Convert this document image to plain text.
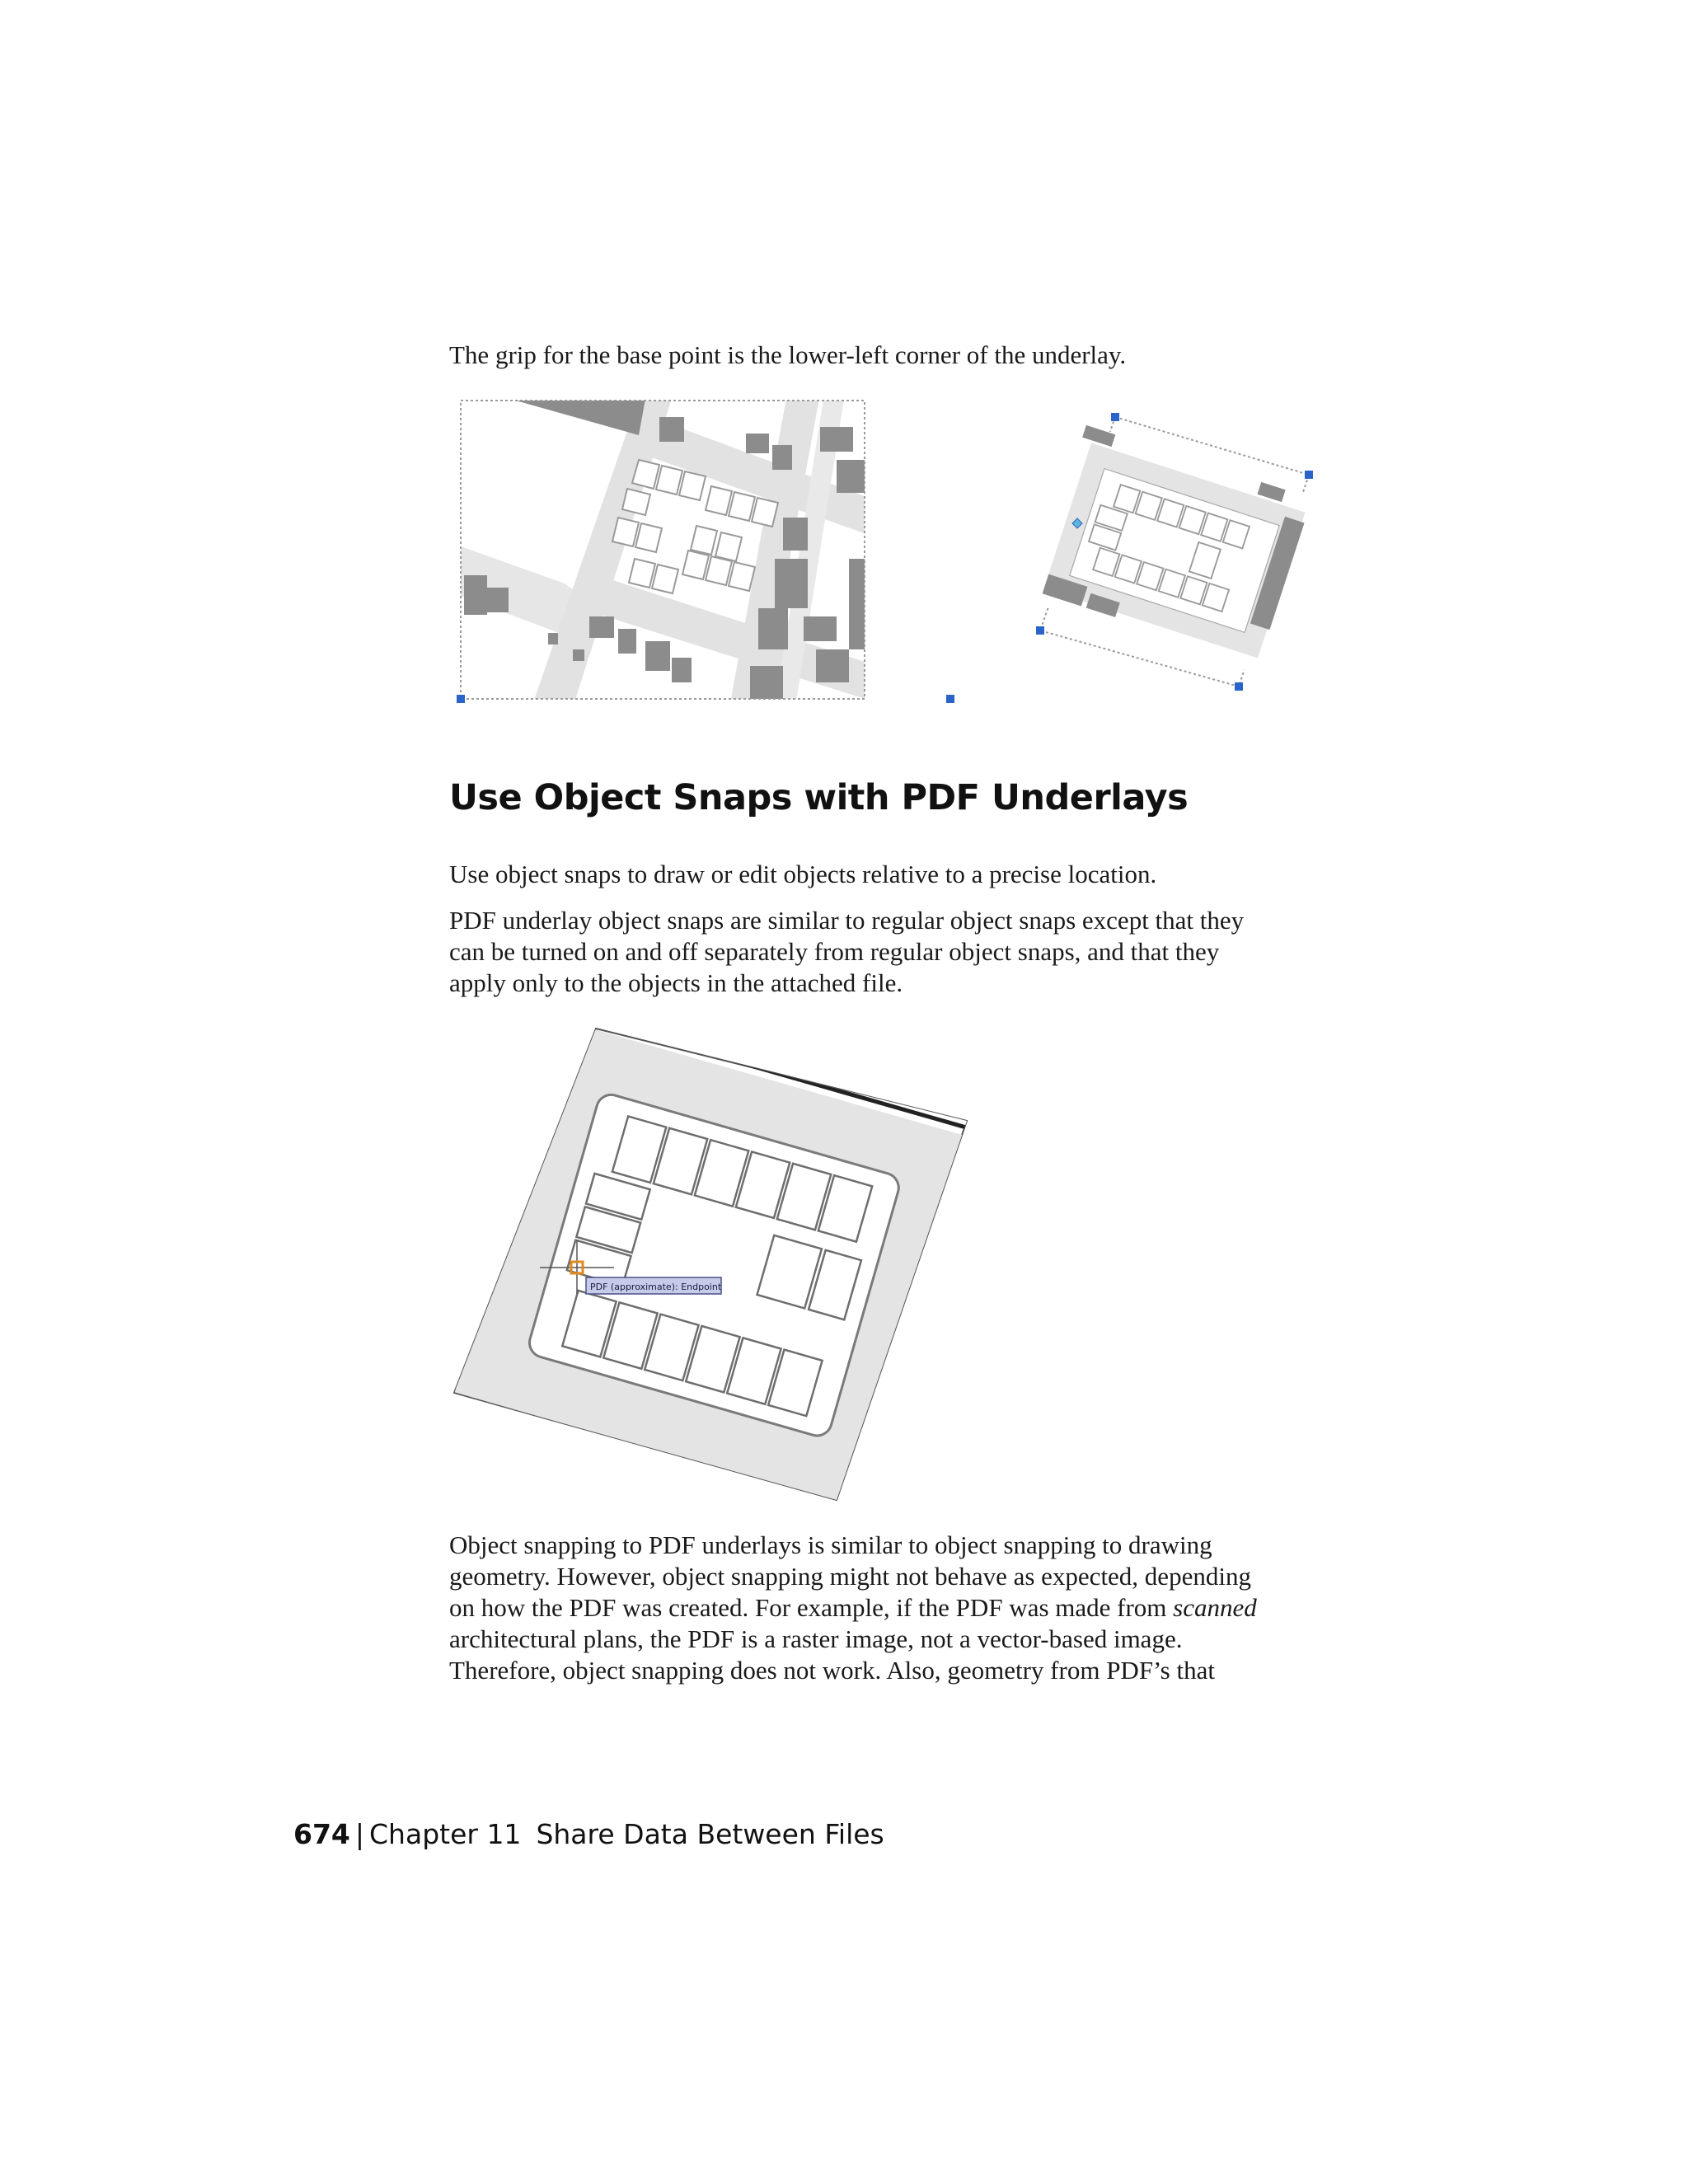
The grip for the base point is the lower-left corner of the underlay.

Use Object Snaps with PDF Underlays

Use object snaps to draw or edit objects relative to a precise location.

PDF underlay object snaps are similar to regular object snaps except that they
can be turned on and off separately from regular object snaps, and that they
apply only to the objects in the attached file.

PDF (approximate): Endpoint

Object snapping to PDF underlays is similar to object snapping to drawing
geometry. However, object snapping might not behave as expected, depending
on how the PDF was created. For example, if the PDF was made from scanned
architectural plans, the PDF is a raster image, not a vector-based image.
Therefore, object snapping does not work. Also, geometry from PDF’s that

674 | Chapter 11 Share Data Between Files
